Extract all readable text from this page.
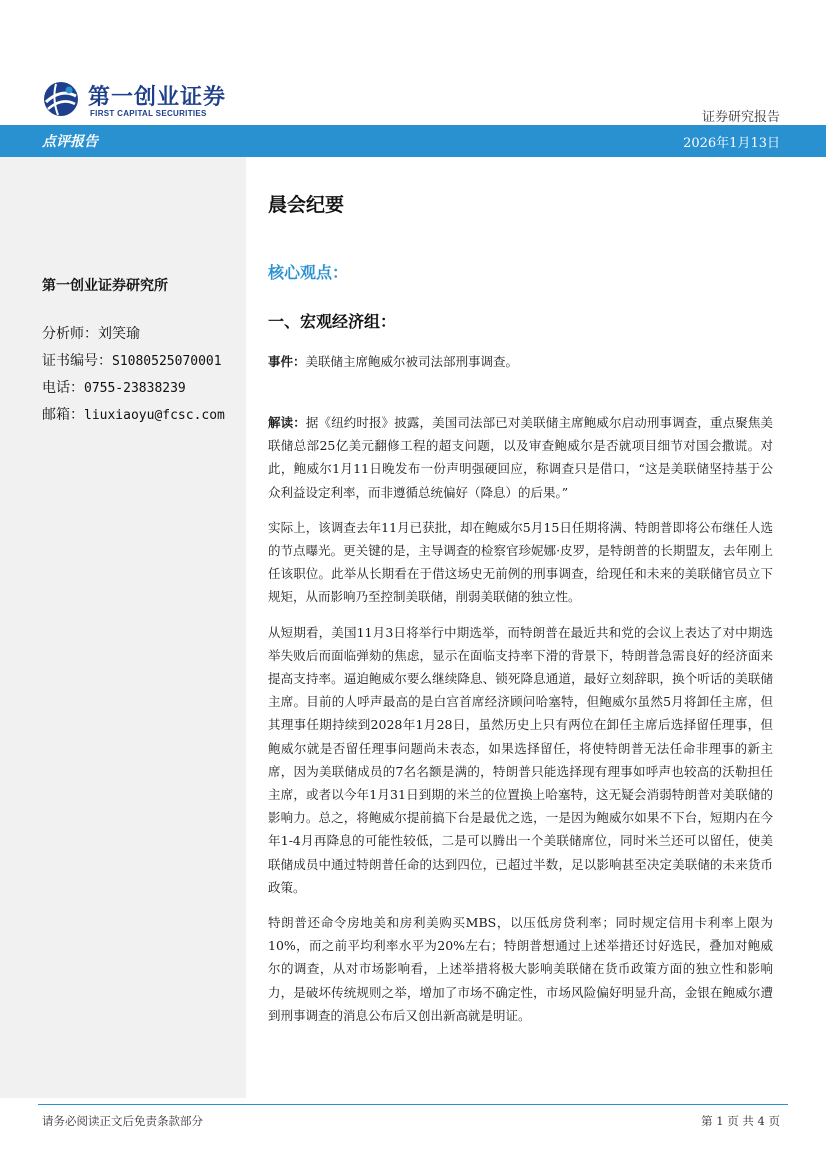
第一创业证券
FIRST CAPITAL SECURITIES	证券研究报告
点评报告	2026年1月13日
第一创业证券研究所
分析师：刘笑瑜
证书编号：S1080525070001
电话：0755-23838239
邮箱：liuxiaoyu@fcsc.com
晨会纪要
核心观点：
一、宏观经济组：
事件：美联储主席鲍威尔被司法部刑事调查。

解读：据《纽约时报》披露，美国司法部已对美联储主席鲍威尔启动刑事调查，重点聚焦美联储总部25亿美元翻修工程的超支问题，以及审查鲍威尔是否就项目细节对国会撒谎。对此，鲍威尔1月11日晚发布一份声明强硬回应，称调查只是借口，“这是美联储坚持基于公众利益设定利率，而非遵循总统偏好（降息）的后果。”

实际上，该调查去年11月已获批，却在鲍威尔5月15日任期将满、特朗普即将公布继任人选的节点曝光。更关键的是，主导调查的检察官珍妮娜·皮罗，是特朗普的长期盟友，去年刚上任该职位。此举从长期看在于借这场史无前例的刑事调查，给现任和未来的美联储官员立下规矩，从而影响乃至控制美联储，削弱美联储的独立性。

从短期看，美国11月3日将举行中期选举，而特朗普在最近共和党的会议上表达了对中期选举失败后而面临弹劾的焦虑，显示在面临支持率下滑的背景下，特朗普急需良好的经济面来提高支持率。逼迫鲍威尔要么继续降息、锁死降息通道，最好立刻辞职，换个听话的美联储主席。目前的人呼声最高的是白宫首席经济顾问哈塞特，但鲍威尔虽然5月将卸任主席，但其理事任期持续到2028年1月28日，虽然历史上只有两位在卸任主席后选择留任理事，但鲍威尔就是否留任理事问题尚未表态，如果选择留任，将使特朗普无法任命非理事的新主席，因为美联储成员的7名名额是满的，特朗普只能选择现有理事如呼声也较高的沃勒担任主席，或者以今年1月31日到期的米兰的位置换上哈塞特，这无疑会消弱特朗普对美联储的影响力。总之，将鲍威尔提前搞下台是最优之选，一是因为鲍威尔如果不下台，短期内在今年1-4月再降息的可能性较低，二是可以腾出一个美联储席位，同时米兰还可以留任，使美联储成员中通过特朗普任命的达到四位，已超过半数，足以影响甚至决定美联储的未来货币政策。

特朗普还命令房地美和房利美购买MBS，以压低房贷利率；同时规定信用卡利率上限为10%，而之前平均利率水平为20%左右；特朗普想通过上述举措还讨好选民，叠加对鲍威尔的调查，从对市场影响看，上述举措将极大影响美联储在货币政策方面的独立性和影响力，是破坏传统规则之举，增加了市场不确定性，市场风险偏好明显升高，金银在鲍威尔遭到刑事调查的消息公布后又创出新高就是明证。

请务必阅读正文后免责条款部分	第 1 页 共 4 页
